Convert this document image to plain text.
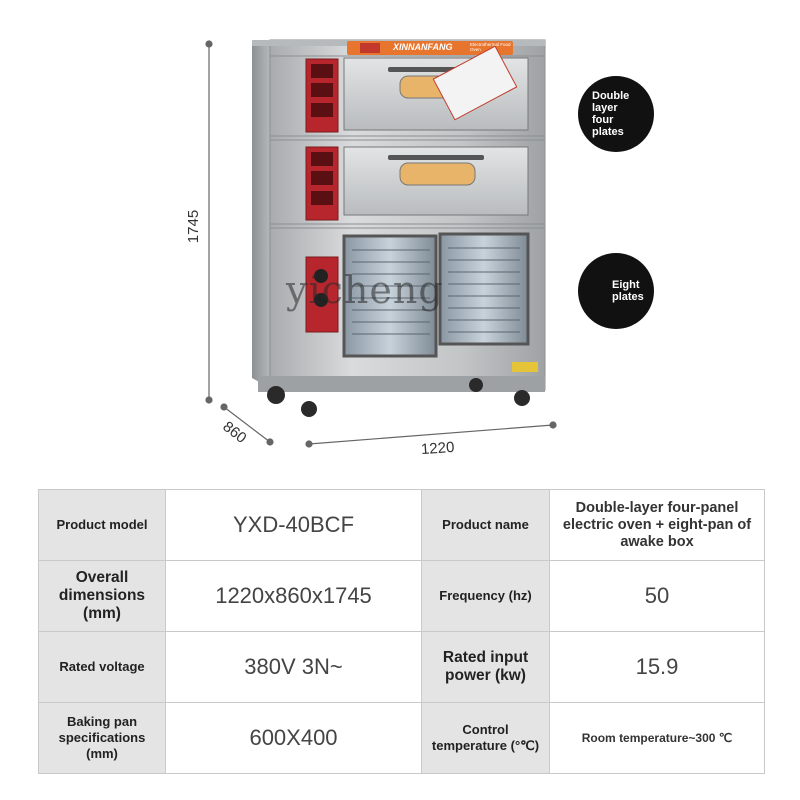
1745
860
1220
XINNANFANG	Electrothermal Food Oven
Double
layer
four
plates
Eight
plates
yicheng
Product model	YXD-40BCF	Product name	Double-layer four-panel electric oven + eight-pan of awake box
Overall dimensions (mm)	1220x860x1745	Frequency (hz)	50
Rated voltage	380V 3N~	Rated input power (kw)	15.9
Baking pan specifications (mm)	600X400	Control temperature (°℃)	Room temperature~300 ℃
